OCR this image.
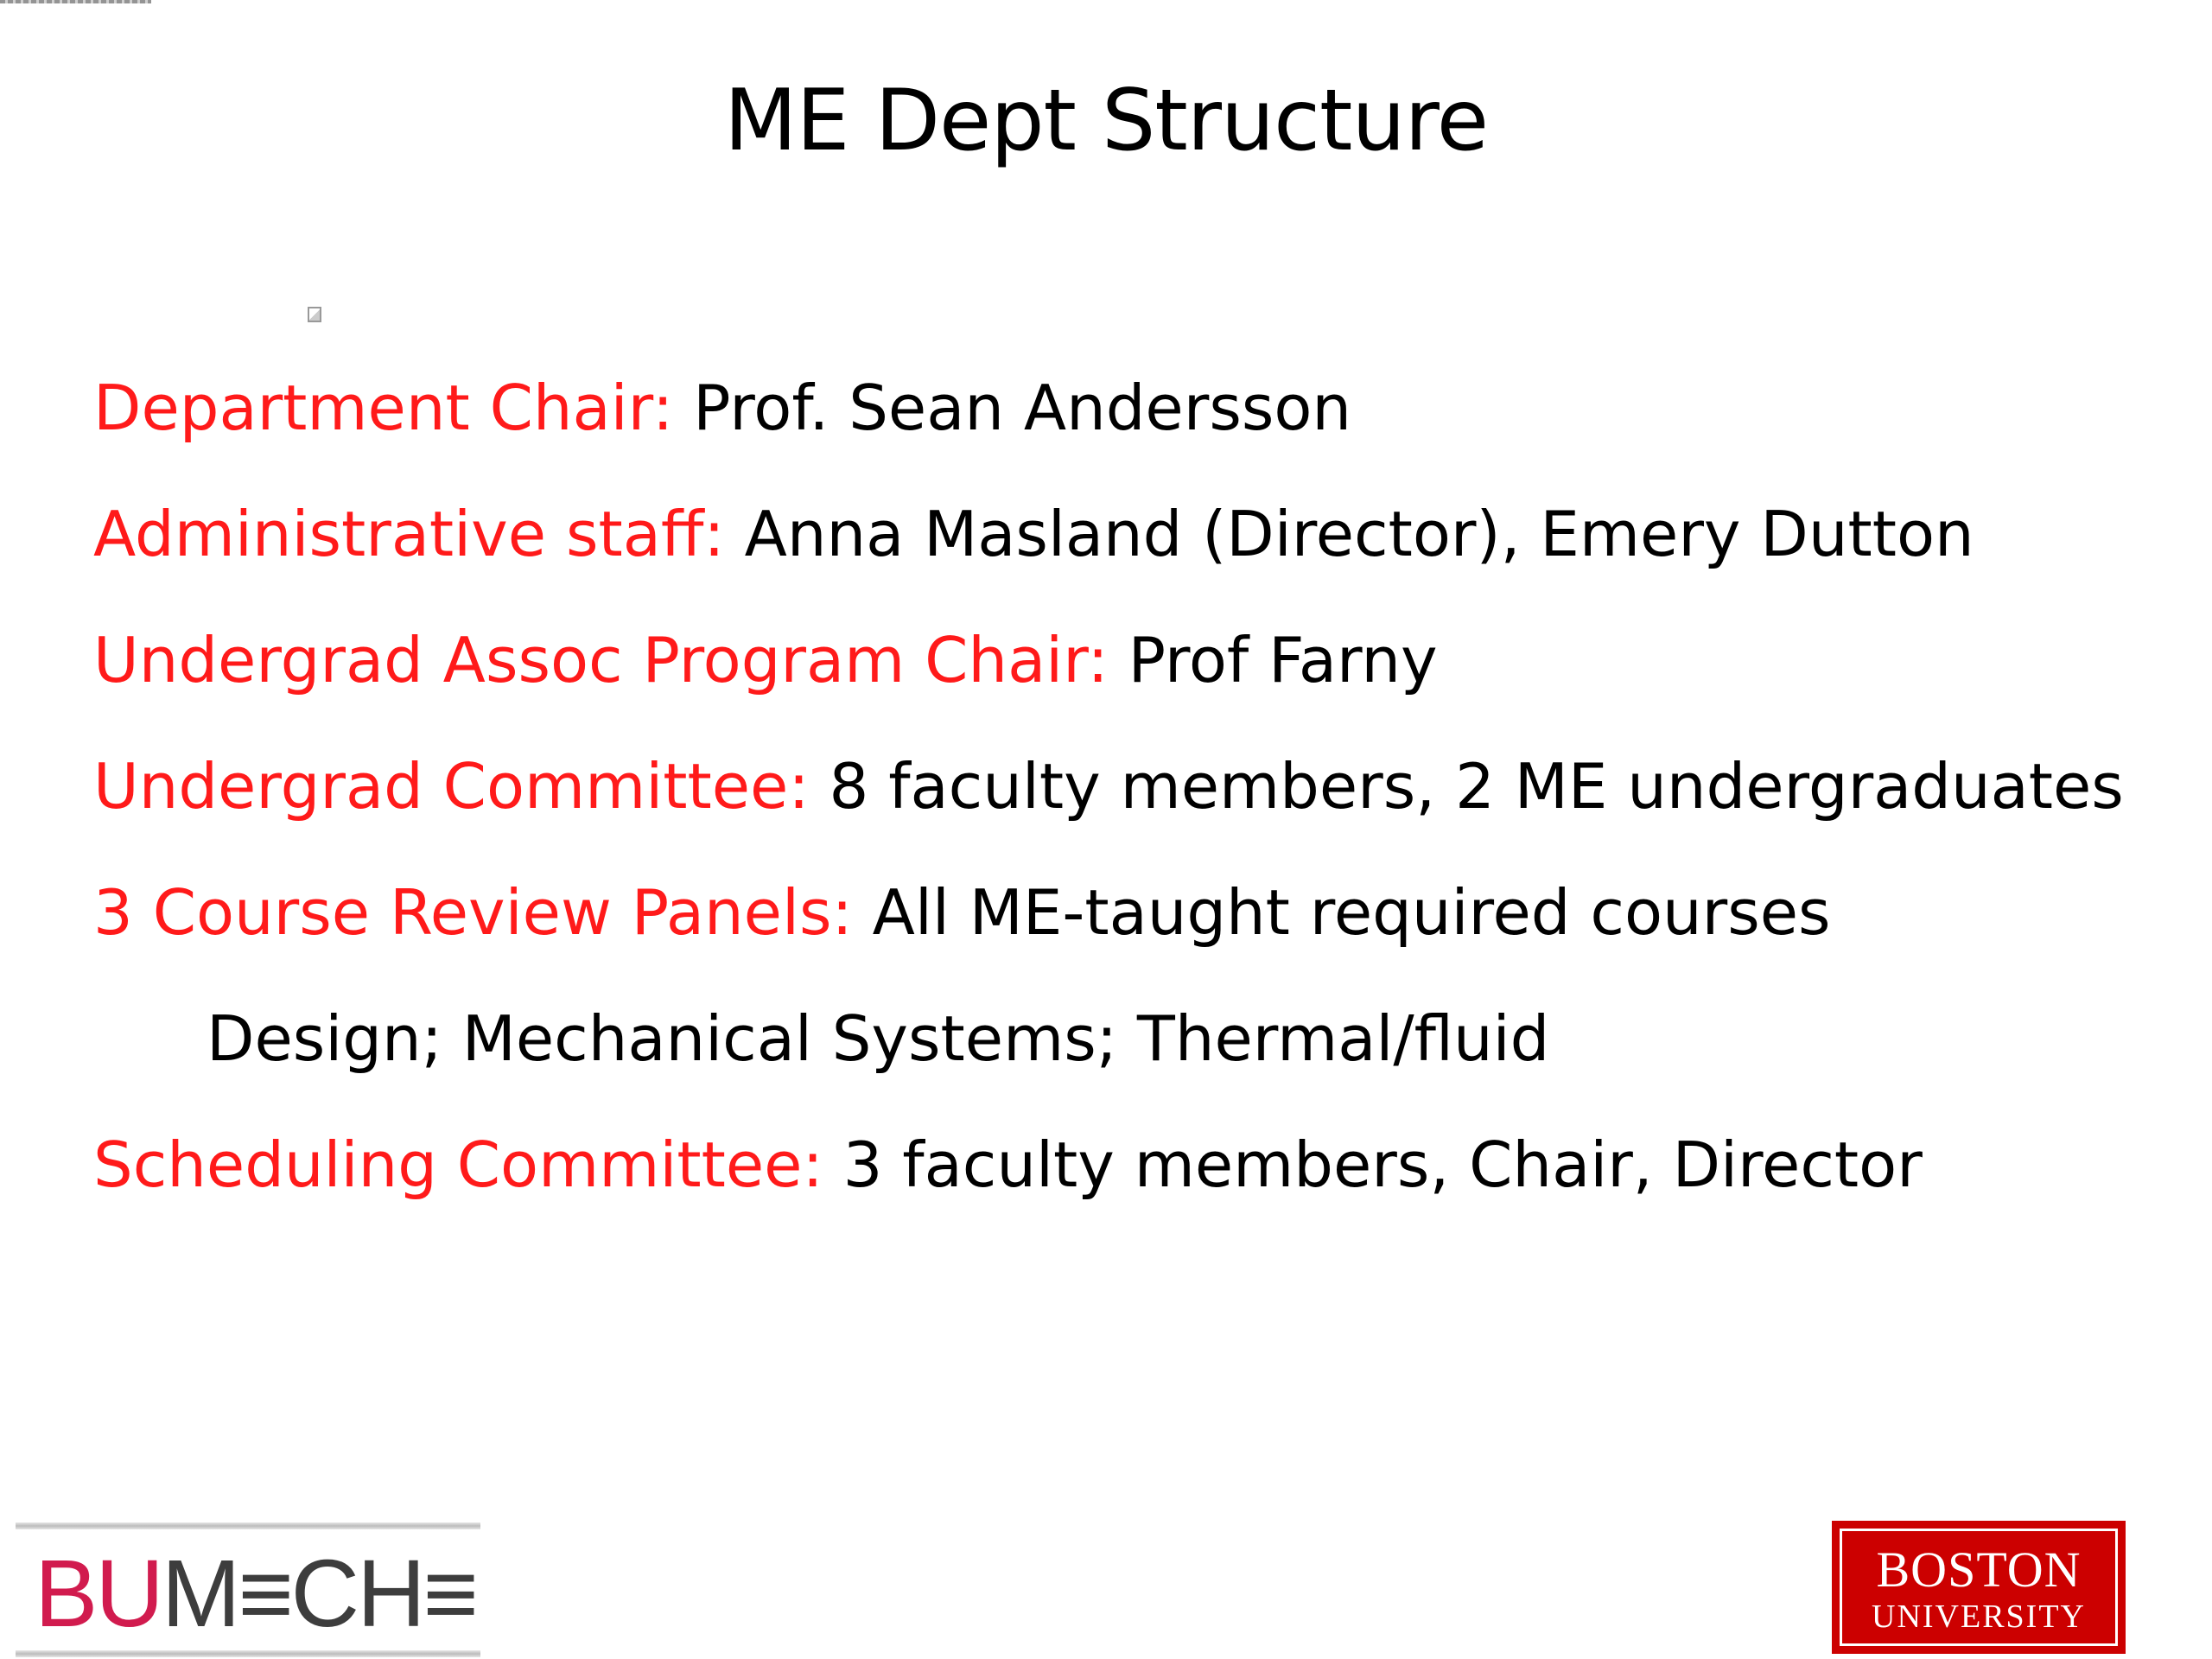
ME Dept Structure
Department Chair: Prof. Sean Andersson
Administrative staff: Anna Masland (Director), Emery Dutton
Undergrad Assoc Program Chair: Prof Farny
Undergrad Committee: 8 faculty members, 2 ME undergraduates
3 Course Review Panels: All ME-taught required courses
Design; Mechanical Systems; Thermal/fluid
Scheduling Committee: 3 faculty members, Chair, Director
BUM≡CH≡	BOSTON
UNIVERSITY
